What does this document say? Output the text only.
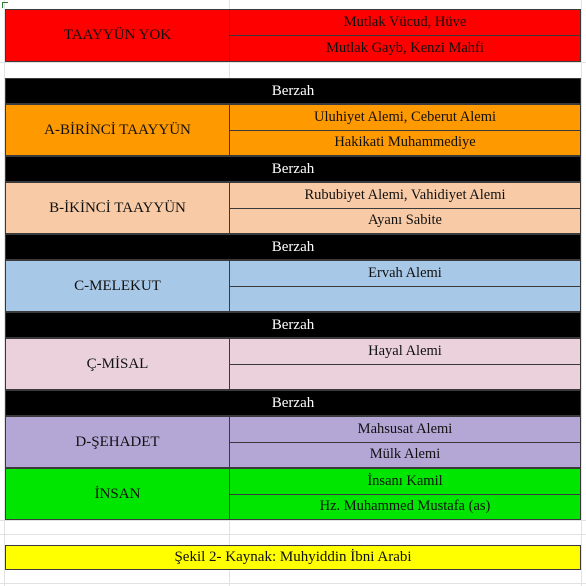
TAAYYÜN YOK
Mutlak Vücud, Hüve
Mutlak Gayb, Kenzi Mahfi
Berzah
A-BİRİNCİ TAAYYÜN
Uluhiyet Alemi, Ceberut Alemi
Hakikati Muhammediye
Berzah
B-İKİNCİ TAAYYÜN
Rububiyet Alemi, Vahidiyet Alemi
Ayanı Sabite
Berzah
C-MELEKUT
Ervah Alemi
Berzah
Ç-MİSAL
Hayal Alemi
Berzah
D-ŞEHADET
Mahsusat Alemi
Mülk Alemi
İNSAN
İnsanı Kamil
Hz. Muhammed Mustafa (as)
Şekil 2- Kaynak: Muhyiddin İbni Arabi
